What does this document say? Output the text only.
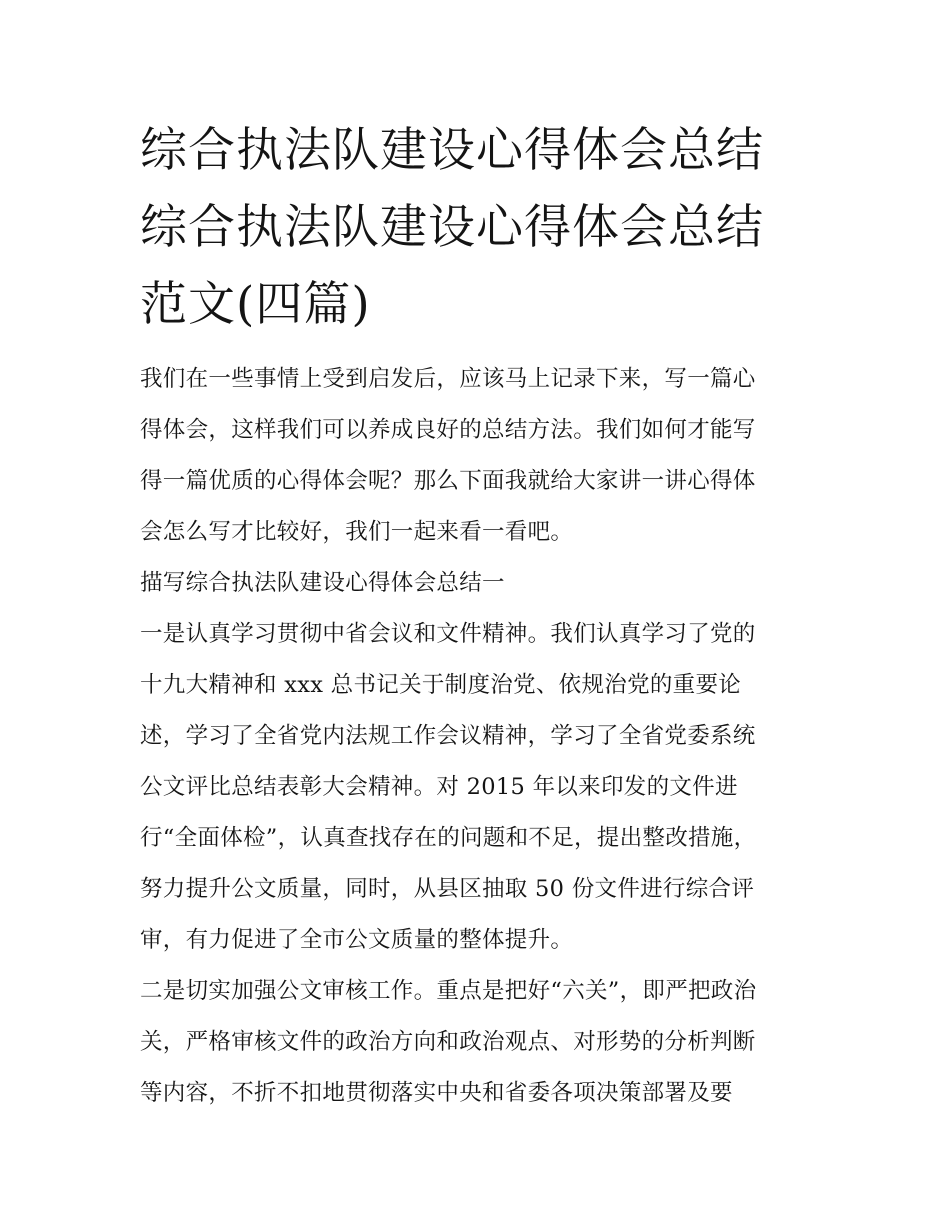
综合执法队建设心得体会总结
综合执法队建设心得体会总结
范文(四篇)
我们在一些事情上受到启发后，应该马上记录下来，写一篇心
得体会，这样我们可以养成良好的总结方法。我们如何才能写
得一篇优质的心得体会呢？那么下面我就给大家讲一讲心得体
会怎么写才比较好，我们一起来看一看吧。
描写综合执法队建设心得体会总结一
一是认真学习贯彻中省会议和文件精神。我们认真学习了党的
十九大精神和 xxx 总书记关于制度治党、依规治党的重要论
述，学习了全省党内法规工作会议精神，学习了全省党委系统
公文评比总结表彰大会精神。对 2015 年以来印发的文件进
行“全面体检”，认真查找存在的问题和不足，提出整改措施，
努力提升公文质量，同时，从县区抽取 50 份文件进行综合评
审，有力促进了全市公文质量的整体提升。
二是切实加强公文审核工作。重点是把好“六关”，即严把政治
关，严格审核文件的政治方向和政治观点、对形势的分析判断
等内容，不折不扣地贯彻落实中央和省委各项决策部署及要
